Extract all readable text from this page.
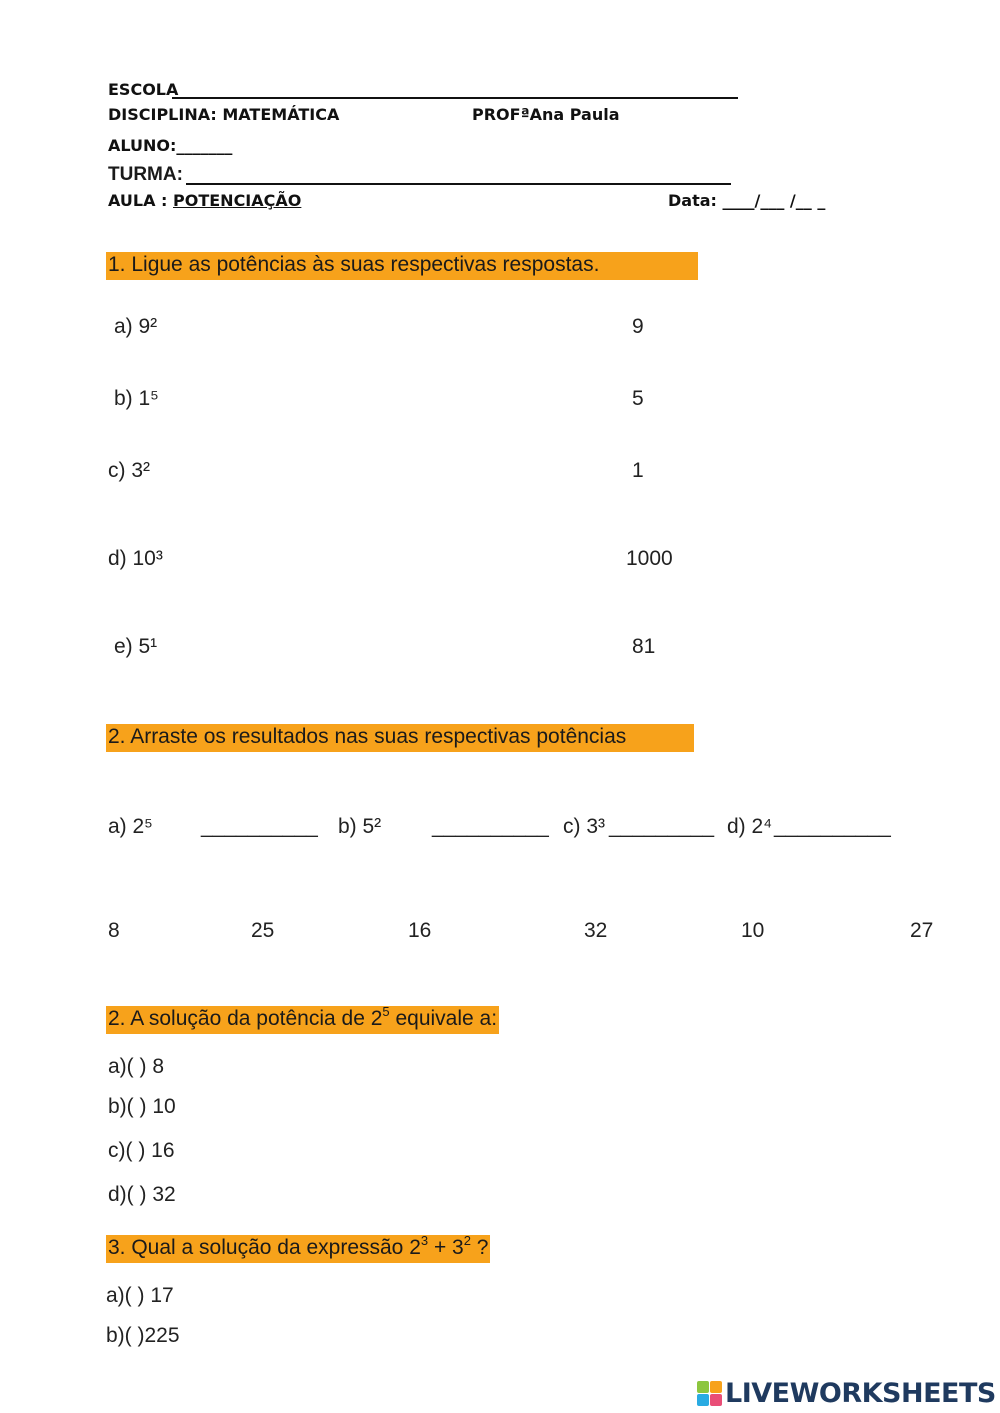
ESCOLA
DISCIPLINA: MATEMÁTICA	PROFªAna Paula
ALUNO:_______
TURMA:
AULA : POTENCIAÇÃO	Data: ____/___ /__ _
1. Ligue as potências às suas respectivas respostas.
a) 9²
b) 1⁵
c) 3²
d) 10³
e) 5¹
9
5
1
1000
81
2. Arraste os resultados nas suas respectivas potências
a) 2⁵ __________ b) 5² __________ c) 3³ _________ d) 2⁴ __________
8	25	16	32	10	27
2. A solução da potência de $2^5$ equivale a:
a)( ) 8
b)( ) 10
c)( ) 16
d)( ) 32
3. Qual a solução da expressão $2^3 + 3^2$ ?
a)( ) 17
b)( )225
LIVEWORKSHEETS
